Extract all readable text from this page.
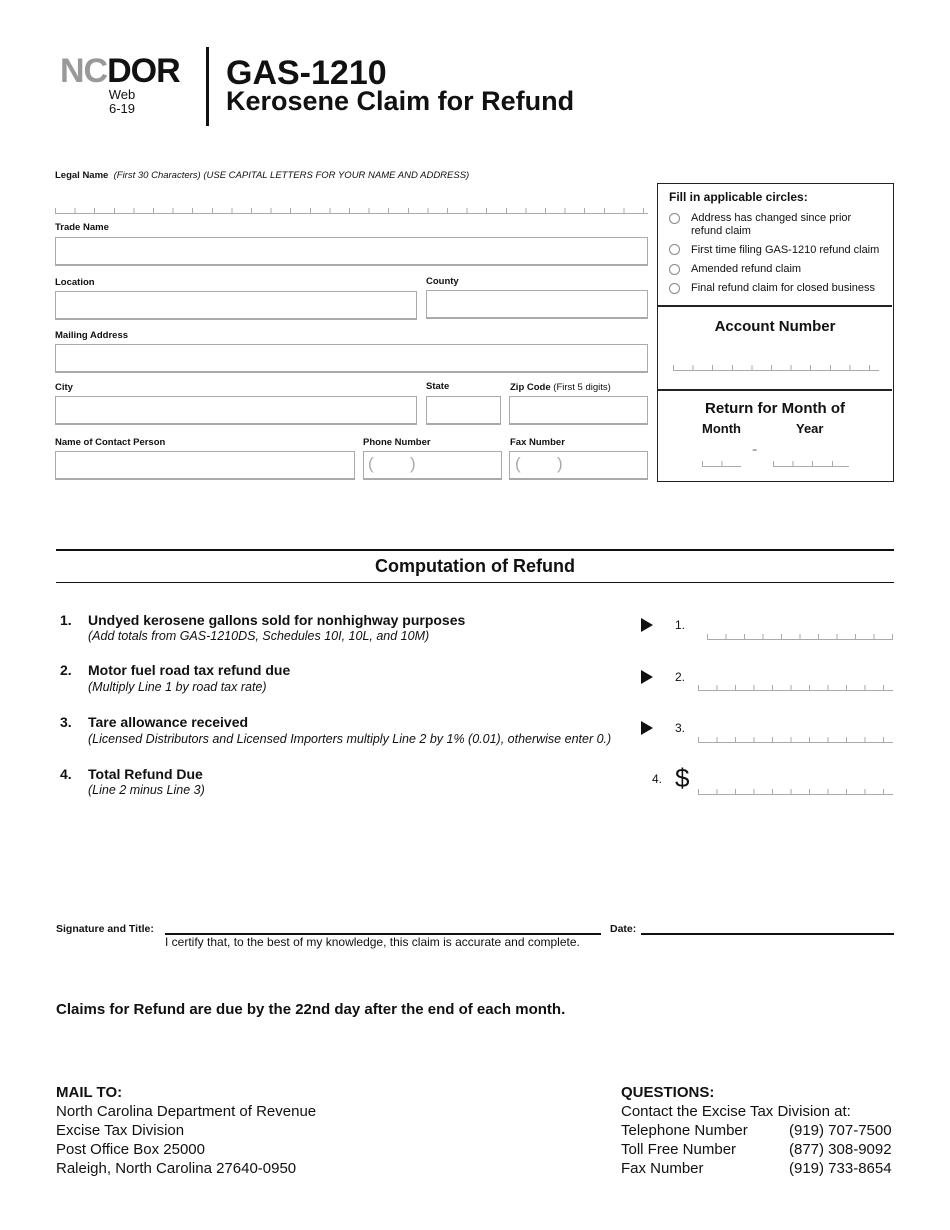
NCDOR
Web
6-19
GAS-1210
Kerosene Claim for Refund
Legal Name (First 30 Characters) (USE CAPITAL LETTERS FOR YOUR NAME AND ADDRESS)
Trade Name
Location	County
Mailing Address
City	State	Zip Code (First 5 digits)
Name of Contact Person	Phone Number
( )
Fax Number
( )
Fill in applicable circles:
Address has changed since prior refund claim
First time filing GAS-1210 refund claim
Amended refund claim
Final refund claim for closed business
Account Number
Return for Month of
Month	Year
-
Computation of Refund
1. Undyed kerosene gallons sold for nonhighway purposes
(Add totals from GAS-1210DS, Schedules 10I, 10L, and 10M)
1.
2. Motor fuel road tax refund due
(Multiply Line 1 by road tax rate)
2.
3. Tare allowance received
(Licensed Distributors and Licensed Importers multiply Line 2 by 1% (0.01), otherwise enter 0.)
3.
4. Total Refund Due
(Line 2 minus Line 3)
4. $
Signature and Title:
I certify that, to the best of my knowledge, this claim is accurate and complete.
Date:
Claims for Refund are due by the 22nd day after the end of each month.
MAIL TO:
North Carolina Department of Revenue
Excise Tax Division
Post Office Box 25000
Raleigh, North Carolina 27640-0950
QUESTIONS:
Contact the Excise Tax Division at:
Telephone Number	(919) 707-7500
Toll Free Number	(877) 308-9092
Fax Number	(919) 733-8654
